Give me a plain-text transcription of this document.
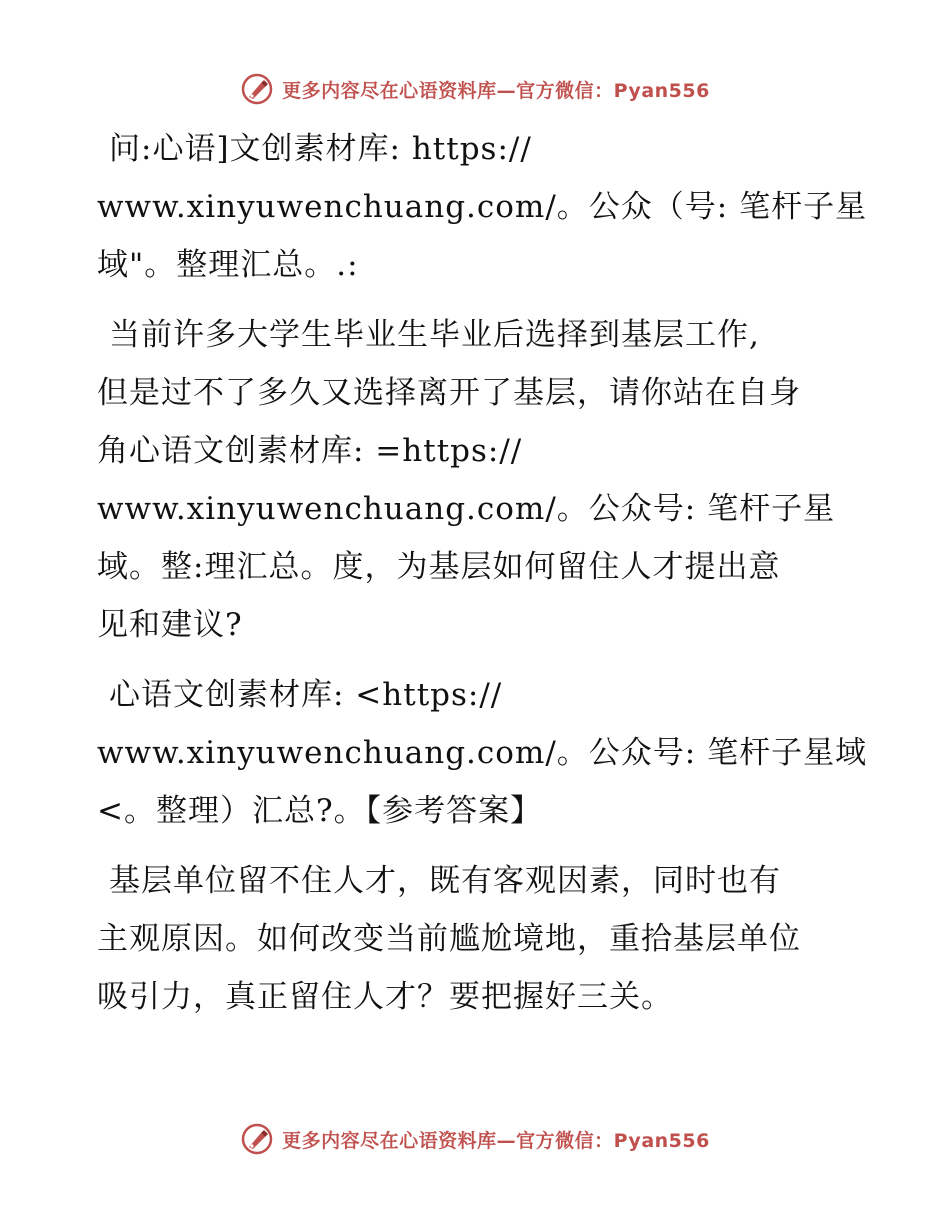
更多内容尽在心语资料库—官方微信：Pyan556

问:心语]文创素材库: https://
www.xinyuwenchuang.com/。公众（号: 笔杆子星
域"。整理汇总。.:

当前许多大学生毕业生毕业后选择到基层工作,
但是过不了多久又选择离开了基层，请你站在自身
角心语文创素材库: =https://
www.xinyuwenchuang.com/。公众号: 笔杆子星
域。整:理汇总。度，为基层如何留住人才提出意
见和建议?

心语文创素材库: <https://
www.xinyuwenchuang.com/。公众号: 笔杆子星域
<。整理）汇总?。【参考答案】

基层单位留不住人才，既有客观因素，同时也有
主观原因。如何改变当前尴尬境地，重拾基层单位
吸引力，真正留住人才？要把握好三关。

更多内容尽在心语资料库—官方微信：Pyan556
